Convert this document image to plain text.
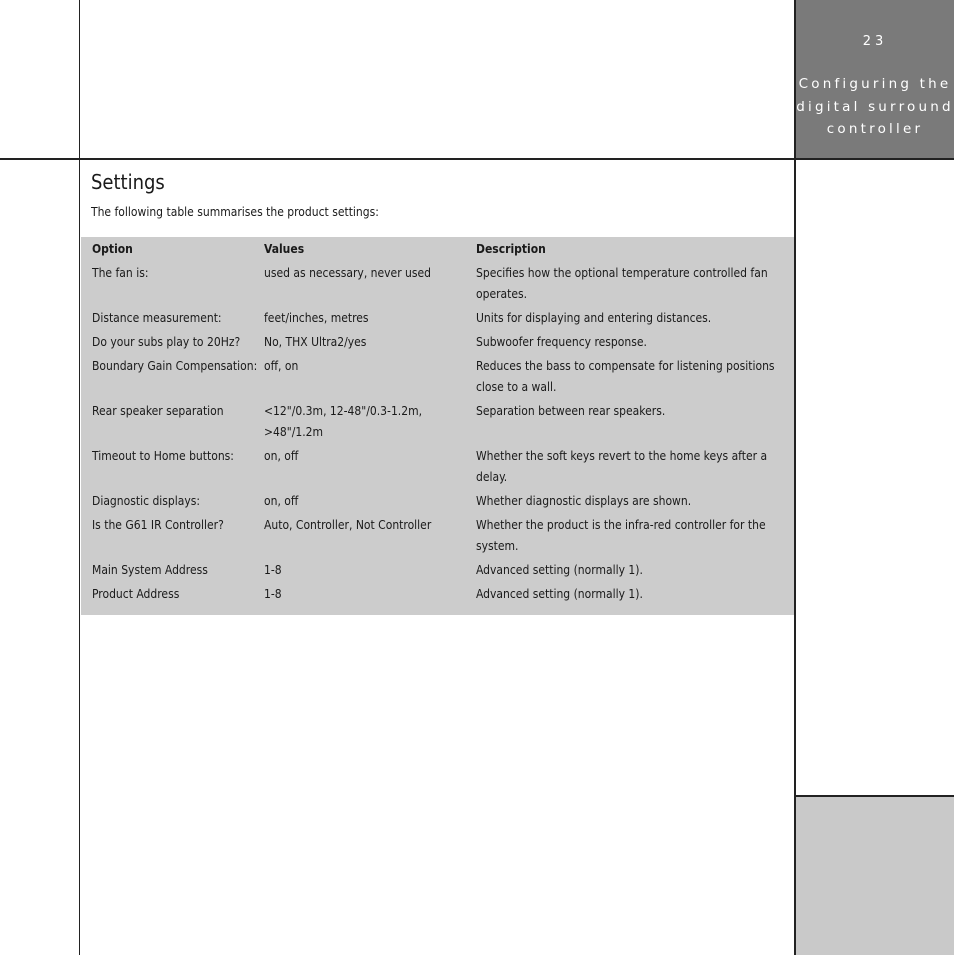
23
Configuring the digital surround controller
Settings
The following table summarises the product settings:
Option	Values	Description
The fan is:	used as necessary, never used	Specifies how the optional temperature controlled fan operates.
Distance measurement:	feet/inches, metres	Units for displaying and entering distances.
Do your subs play to 20Hz?	No, THX Ultra2/yes	Subwoofer frequency response.
Boundary Gain Compensation:	off, on	Reduces the bass to compensate for listening positions close to a wall.
Rear speaker separation	<12"/0.3m, 12-48"/0.3-1.2m, >48"/1.2m	Separation between rear speakers.
Timeout to Home buttons:	on, off	Whether the soft keys revert to the home keys after a delay.
Diagnostic displays:	on, off	Whether diagnostic displays are shown.
Is the G61 IR Controller?	Auto, Controller, Not Controller	Whether the product is the infra-red controller for the system.
Main System Address	1-8	Advanced setting (normally 1).
Product Address	1-8	Advanced setting (normally 1).
